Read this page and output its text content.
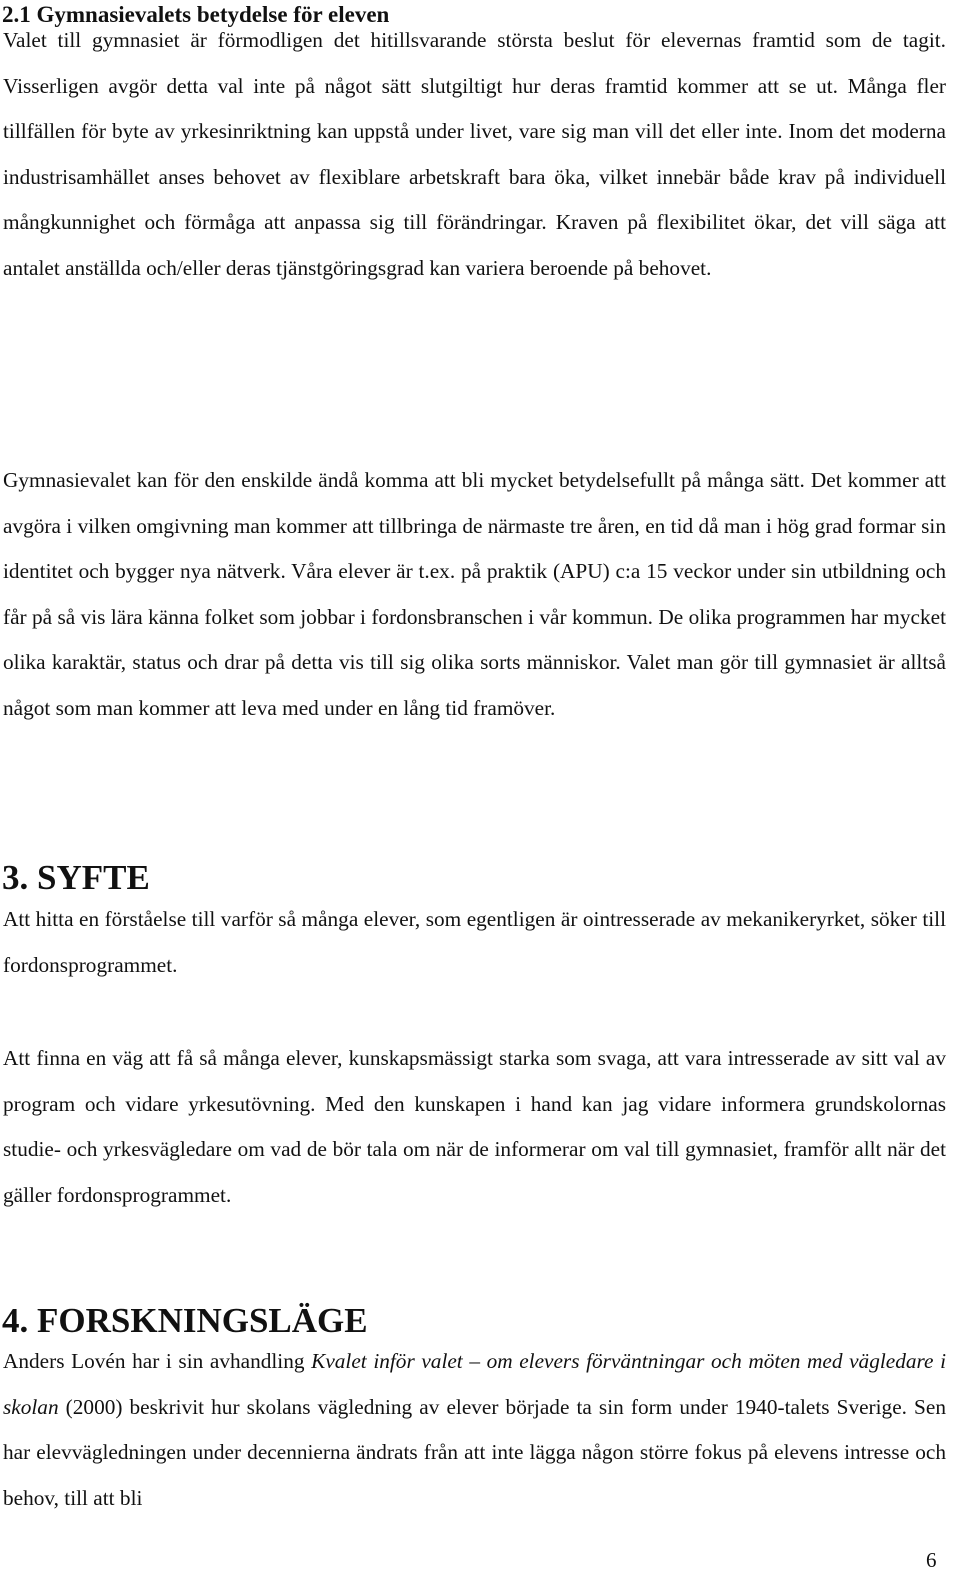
2.1 Gymnasievalets betydelse för eleven

Valet till gymnasiet är förmodligen det hitillsvarande största beslut för elevernas framtid som de tagit. Visserligen avgör detta val inte på något sätt slutgiltigt hur deras framtid kommer att se ut. Många fler tillfällen för byte av yrkesinriktning kan uppstå under livet, vare sig man vill det eller inte. Inom det moderna industrisamhället anses behovet av flexiblare arbetskraft bara öka, vilket innebär både krav på individuell mångkunnighet och förmåga att anpassa sig till förändringar. Kraven på flexibilitet ökar, det vill säga att antalet anställda och/eller deras tjänstgöringsgrad kan variera beroende på behovet.

Gymnasievalet kan för den enskilde ändå komma att bli mycket betydelsefullt på många sätt. Det kommer att avgöra i vilken omgivning man kommer att tillbringa de närmaste tre åren, en tid då man i hög grad formar sin identitet och bygger nya nätverk. Våra elever är t.ex. på praktik (APU) c:a 15 veckor under sin utbildning och får på så vis lära känna folket som jobbar i fordonsbranschen i vår kommun. De olika programmen har mycket olika karaktär, status och drar på detta vis till sig olika sorts människor. Valet man gör till gymnasiet är alltså något som man kommer att leva med under en lång tid framöver.

3. SYFTE

Att hitta en förståelse till varför så många elever, som egentligen är ointresserade av mekanikeryrket, söker till fordonsprogrammet.

Att finna en väg att få så många elever, kunskapsmässigt starka som svaga, att vara intresserade av sitt val av program och vidare yrkesutövning. Med den kunskapen i hand kan jag vidare informera grundskolornas studie- och yrkesvägledare om vad de bör tala om när de informerar om val till gymnasiet, framför allt när det gäller fordonsprogrammet.

4. FORSKNINGSLÄGE

Anders Lovén har i sin avhandling Kvalet inför valet – om elevers förväntningar och möten med vägledare i skolan (2000) beskrivit hur skolans vägledning av elever började ta sin form under 1940-talets Sverige. Sen har elevvägledningen under decennierna ändrats från att inte lägga någon större fokus på elevens intresse och behov, till att bli

6
